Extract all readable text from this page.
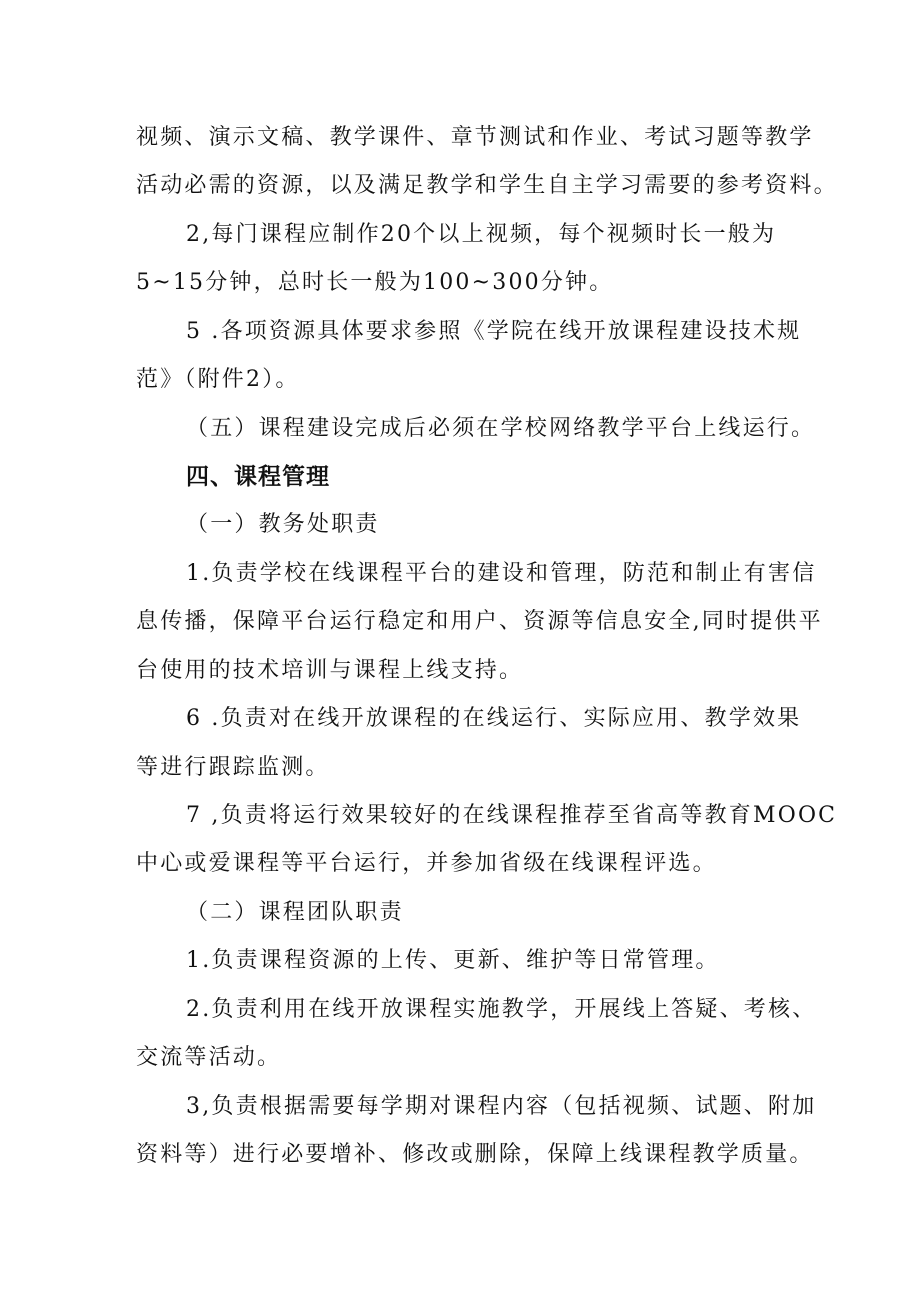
视频、演示文稿、教学课件、章节测试和作业、考试习题等教学

活动必需的资源，以及满足教学和学生自主学习需要的参考资料。

2,每门课程应制作20个以上视频，每个视频时长一般为

5~15分钟，总时长一般为100~300分钟。

5 .各项资源具体要求参照《学院在线开放课程建设技术规

范》（附件2）。

（五）课程建设完成后必须在学校网络教学平台上线运行。

四、课程管理

（一）教务处职责

1.负责学校在线课程平台的建设和管理，防范和制止有害信

息传播，保障平台运行稳定和用户、资源等信息安全,同时提供平

台使用的技术培训与课程上线支持。

6 .负责对在线开放课程的在线运行、实际应用、教学效果

等进行跟踪监测。

7 ,负责将运行效果较好的在线课程推荐至省高等教育MOOC

中心或爱课程等平台运行，并参加省级在线课程评选。

（二）课程团队职责

1.负责课程资源的上传、更新、维护等日常管理。

2.负责利用在线开放课程实施教学，开展线上答疑、考核、

交流等活动。

3,负责根据需要每学期对课程内容（包括视频、试题、附加

资料等）进行必要增补、修改或删除，保障上线课程教学质量。
